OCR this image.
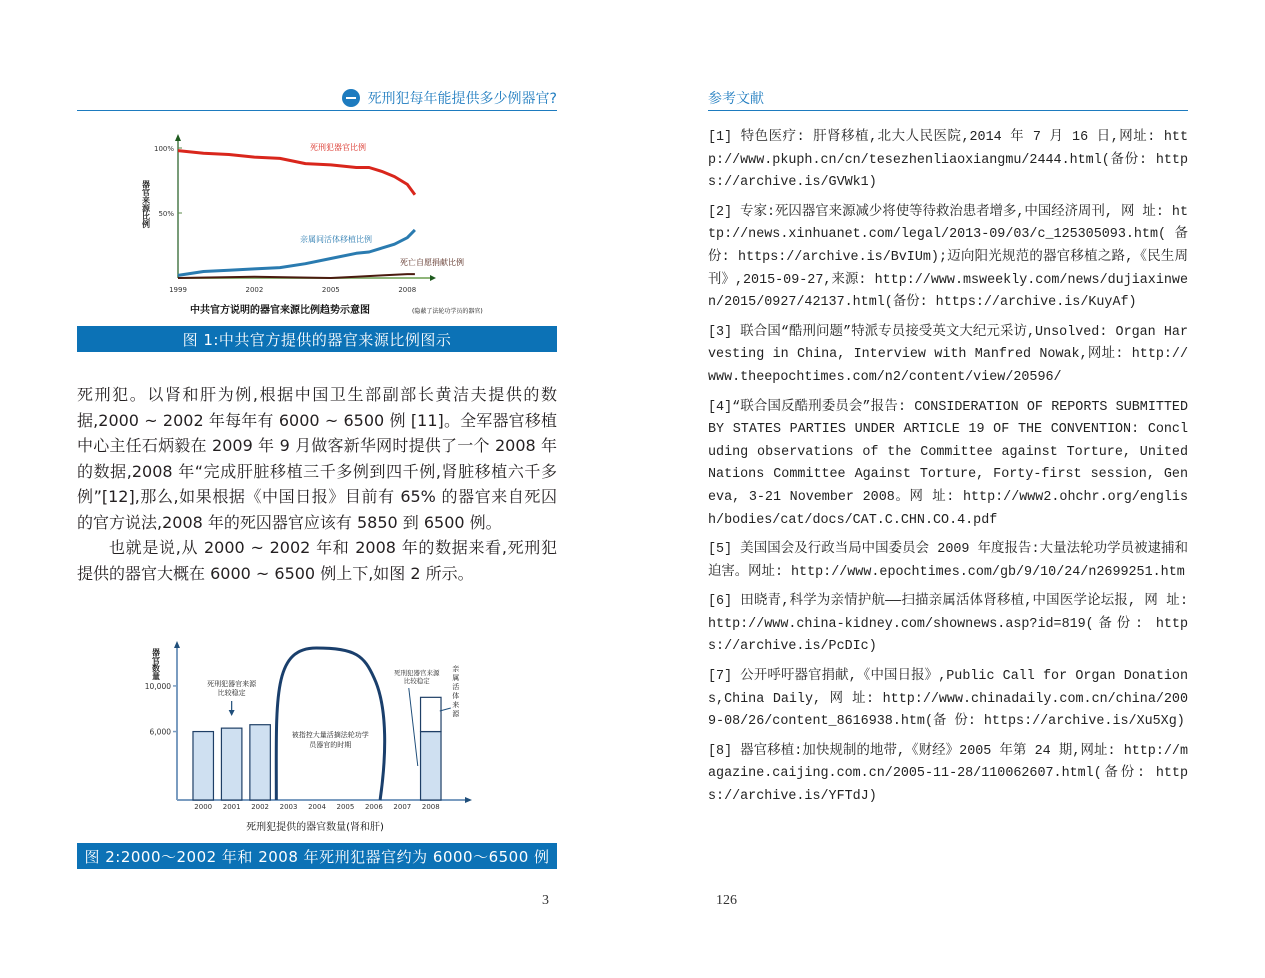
死刑犯每年能提供多少例器官?
100%
50%
1999	2002	2005	2008
器官来源比例
死刑犯器官比例
亲属间活体移植比例
死亡自愿捐献比例
中共官方说明的器官来源比例趋势示意图	(隐蔽了法轮功学员的器官)
图 1:中共官方提供的器官来源比例图示

死刑犯。以肾和肝为例,根据中国卫生部副部长黄洁夫提供的数据,2000 ~ 2002 年每年有 6000 ~ 6500 例 [11]。全军器官移植中心主任石炳毅在 2009 年 9 月做客新华网时提供了一个 2008 年的数据,2008 年“完成肝脏移植三千多例到四千例,肾脏移植六千多例”[12],那么,如果根据《中国日报》目前有 65% 的器官来自死囚的官方说法,2008 年的死囚器官应该有 5850 到 6500 例。

也就是说,从 2000 ~ 2002 年和 2008 年的数据来看,死刑犯提供的器官大概在 6000 ~ 6500 例上下,如图 2 所示。

10,000
6,000
器官数量
2000 2001 2002 2003 2004 2005 2006 2007 2008
死刑犯器官来源
比较稳定
被指控大量活摘法轮功学
员器官的时期
死刑犯器官来源
比较稳定
亲
属
活
体
来
源
死刑犯提供的器官数量(肾和肝)
图 2:2000～2002 年和 2008 年死刑犯器官约为 6000～6500 例
3
参考文献

[1] 特色医疗: 肝肾移植,北大人民医院,2014 年 7 月 16 日,网址: http://www.pkuph.cn/cn/tesezhenliaoxiangmu/2444.html(备份: https://archive.is/GVWk1)

[2] 专家:死囚器官来源减少将使等待救治患者增多,中国经济周刊, 网 址: http://news.xinhuanet.com/legal/2013-09/03/c_125305093.htm(备份: https://archive.is/BvIUm);迈向阳光规范的器官移植之路,《民生周刊》,2015-09-27,来源: http://www.msweekly.com/news/dujiaxinwen/2015/0927/42137.html(备份: https://archive.is/KuyAf)

[3] 联合国“酷刑问题”特派专员接受英文大纪元采访,Unsolved: Organ Harvesting in China, Interview with Manfred Nowak,网址: http://www.theepochtimes.com/n2/content/view/20596/

[4]“联合国反酷刑委员会”报告: CONSIDERATION OF REPORTS SUBMITTED BY STATES PARTIES UNDER ARTICLE 19 OF THE CONVENTION: Concluding observations of the Committee against Torture, United Nations Committee Against Torture, Forty-first session, Geneva, 3-21 November 2008。网 址: http://www2.ohchr.org/english/bodies/cat/docs/CAT.C.CHN.CO.4.pdf

[5] 美国国会及行政当局中国委员会 2009 年度报告:大量法轮功学员被逮捕和迫害。网址: http://www.epochtimes.com/gb/9/10/24/n2699251.htm

[6] 田晓青,科学为亲情护航——扫描亲属活体肾移植,中国医学论坛报, 网 址: http://www.china-kidney.com/shownews.asp?id=819(备份: https://archive.is/PcDIc)

[7] 公开呼吁器官捐献,《中国日报》,Public Call for Organ Donations,China Daily, 网 址: http://www.chinadaily.com.cn/china/2009-08/26/content_8616938.htm(备 份: https://archive.is/Xu5Xg)

[8] 器官移植:加快规制的地带,《财经》2005 年第 24 期,网址: http://magazine.caijing.com.cn/2005-11-28/110062607.html(备份: https://archive.is/YFTdJ)

126
